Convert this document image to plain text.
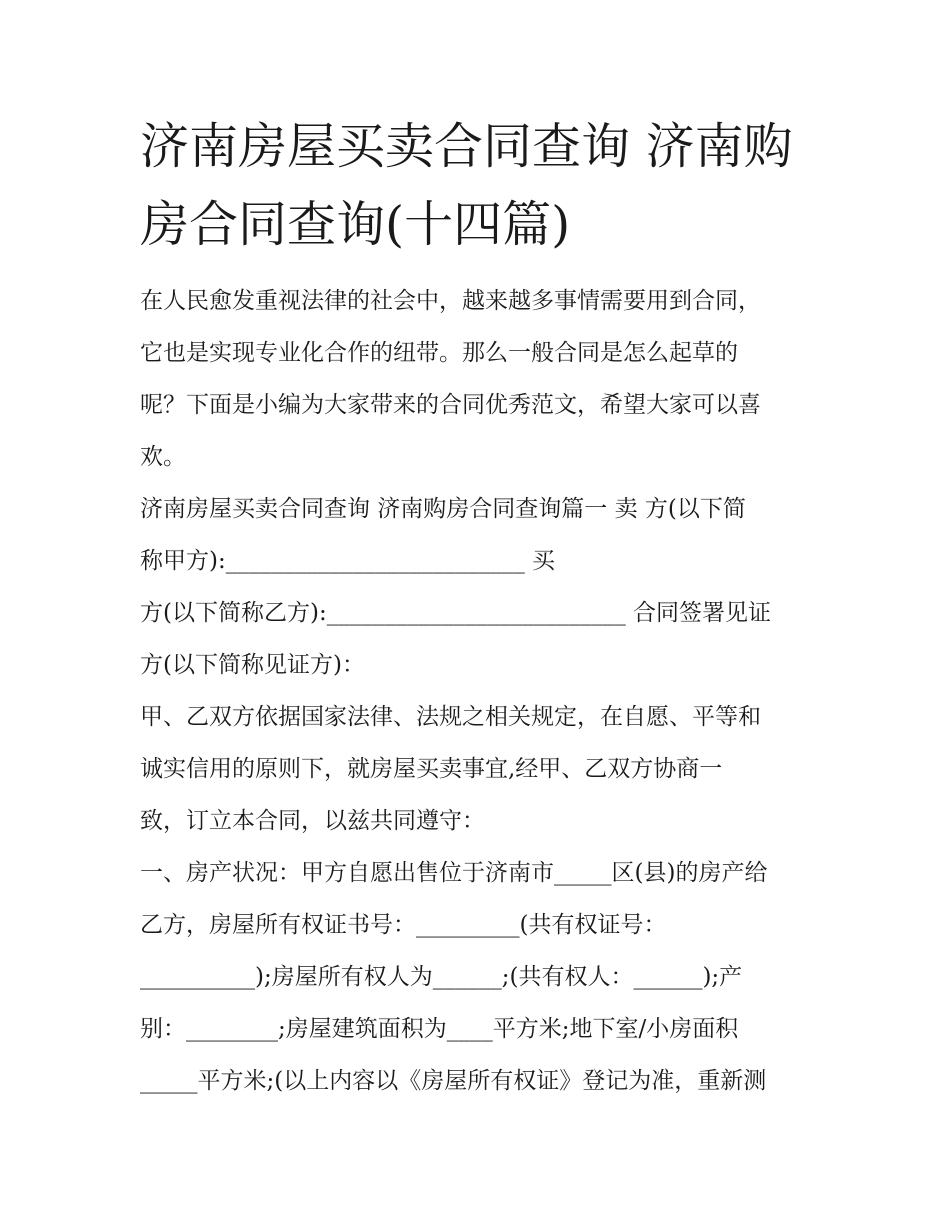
济南房屋买卖合同查询 济南购
房合同查询(十四篇)
在人民愈发重视法律的社会中，越来越多事情需要用到合同，
它也是实现专业化合作的纽带。那么一般合同是怎么起草的
呢？下面是小编为大家带来的合同优秀范文，希望大家可以喜
欢。
济南房屋买卖合同查询 济南购房合同查询篇一 卖 方(以下简
称甲方):__________________________ 买
方(以下简称乙方):__________________________ 合同签署见证
方(以下简称见证方)：
甲、乙双方依据国家法律、法规之相关规定，在自愿、平等和
诚实信用的原则下，就房屋买卖事宜,经甲、乙双方协商一
致，订立本合同，以兹共同遵守：
一、房产状况：甲方自愿出售位于济南市_____区(县)的房产给
乙方，房屋所有权证书号：_________(共有权证号：
__________);房屋所有权人为______;(共有权人：______);产
别：________;房屋建筑面积为____平方米;地下室/小房面积
_____平方米;(以上内容以《房屋所有权证》登记为准，重新测
